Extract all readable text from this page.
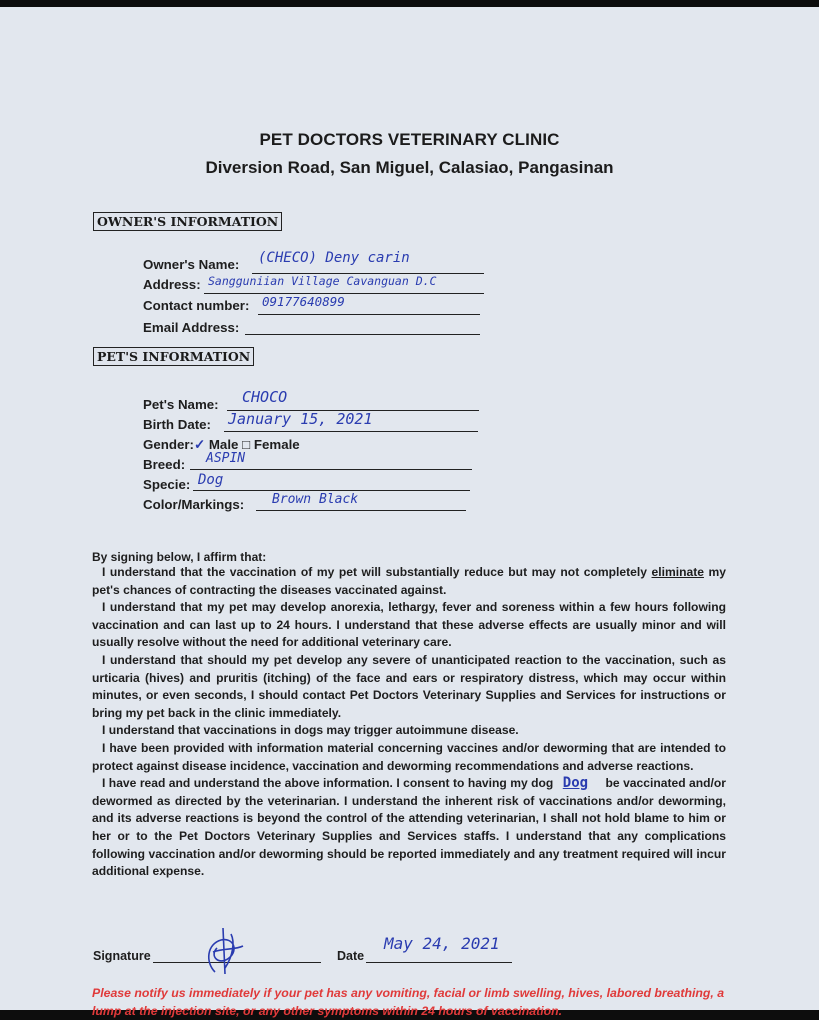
PET DOCTORS VETERINARY CLINIC
Diversion Road, San Miguel, Calasiao, Pangasinan
OWNER'S INFORMATION
Owner's Name: (CHECO) Deny carin
Address: Sangguniian Village Cavanguan D.C
Contact number: 09177640899
Email Address:
PET'S INFORMATION
Pet's Name: CHOCO
Birth Date: January 15, 2021
Gender:✓ Male □ Female
Breed: ASPIN
Specie: Dog
Color/Markings: Brown Black
By signing below, I affirm that:

I understand that the vaccination of my pet will substantially reduce but may not completely eliminate my pet's chances of contracting the diseases vaccinated against.

I understand that my pet may develop anorexia, lethargy, fever and soreness within a few hours following vaccination and can last up to 24 hours. I understand that these adverse effects are usually minor and will usually resolve without the need for additional veterinary care.

I understand that should my pet develop any severe of unanticipated reaction to the vaccination, such as urticaria (hives) and pruritis (itching) of the face and ears or respiratory distress, which may occur within minutes, or even seconds, I should contact Pet Doctors Veterinary Supplies and Services for instructions or bring my pet back in the clinic immediately.

I understand that vaccinations in dogs may trigger autoimmune disease.

I have been provided with information material concerning vaccines and/or deworming that are intended to protect against disease incidence, vaccination and deworming recommendations and adverse reactions.

I have read and understand the above information. I consent to having my dog Dog be vaccinated and/or dewormed as directed by the veterinarian. I understand the inherent risk of vaccinations and/or deworming, and its adverse reactions is beyond the control of the attending veterinarian, I shall not hold blame to him or her or to the Pet Doctors Veterinary Supplies and Services staffs. I understand that any complications following vaccination and/or deworming should be reported immediately and any treatment required will incur additional expense.

Signature	Date
May 24, 2021
Please notify us immediately if your pet has any vomiting, facial or limb swelling, hives, labored breathing, a lump at the injection site, or any other symptoms within 24 hours of vaccination.
